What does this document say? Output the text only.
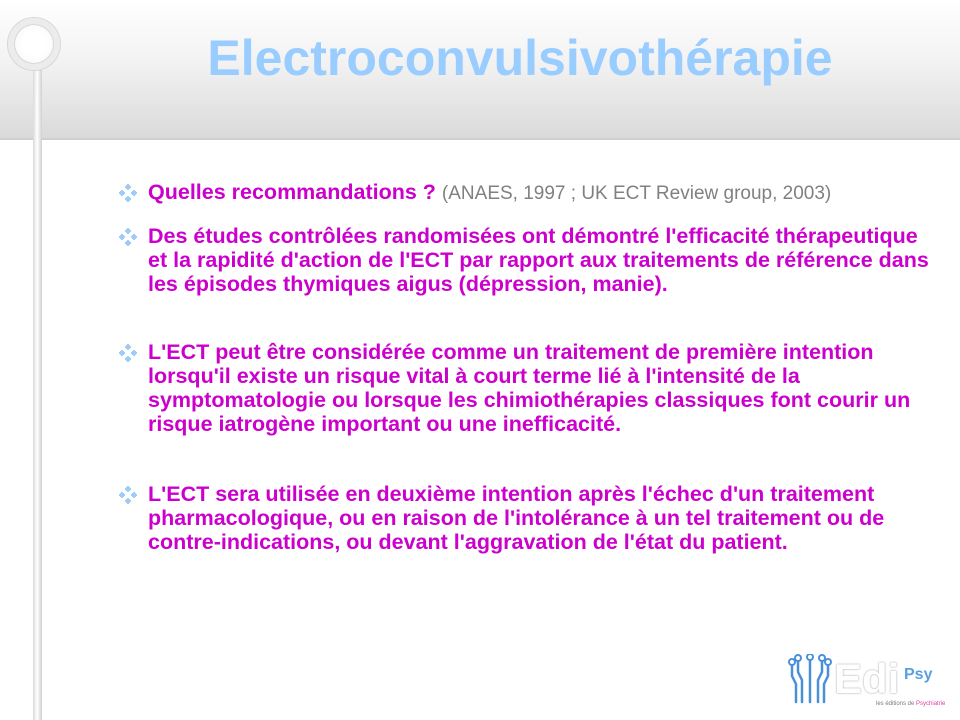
Electroconvulsivothérapie
Quelles recommandations ? (ANAES, 1997 ; UK ECT Review group, 2003)
Des études contrôlées randomisées ont démontré l'efficacité thérapeutique et la rapidité d'action de l'ECT par rapport aux traitements de référence dans les épisodes thymiques aigus (dépression, manie).
L'ECT peut être considérée comme un traitement de première intention lorsqu'il existe un risque vital à court terme lié à l'intensité de la symptomatologie ou lorsque les chimiothérapies classiques font courir un risque iatrogène important ou une inefficacité.
L'ECT sera utilisée en deuxième intention après l'échec d'un traitement pharmacologique, ou en raison de l'intolérance à un tel traitement ou de contre-indications, ou devant l'aggravation de l'état du patient.
Edi Psy
les éditions de Psychiatrie
